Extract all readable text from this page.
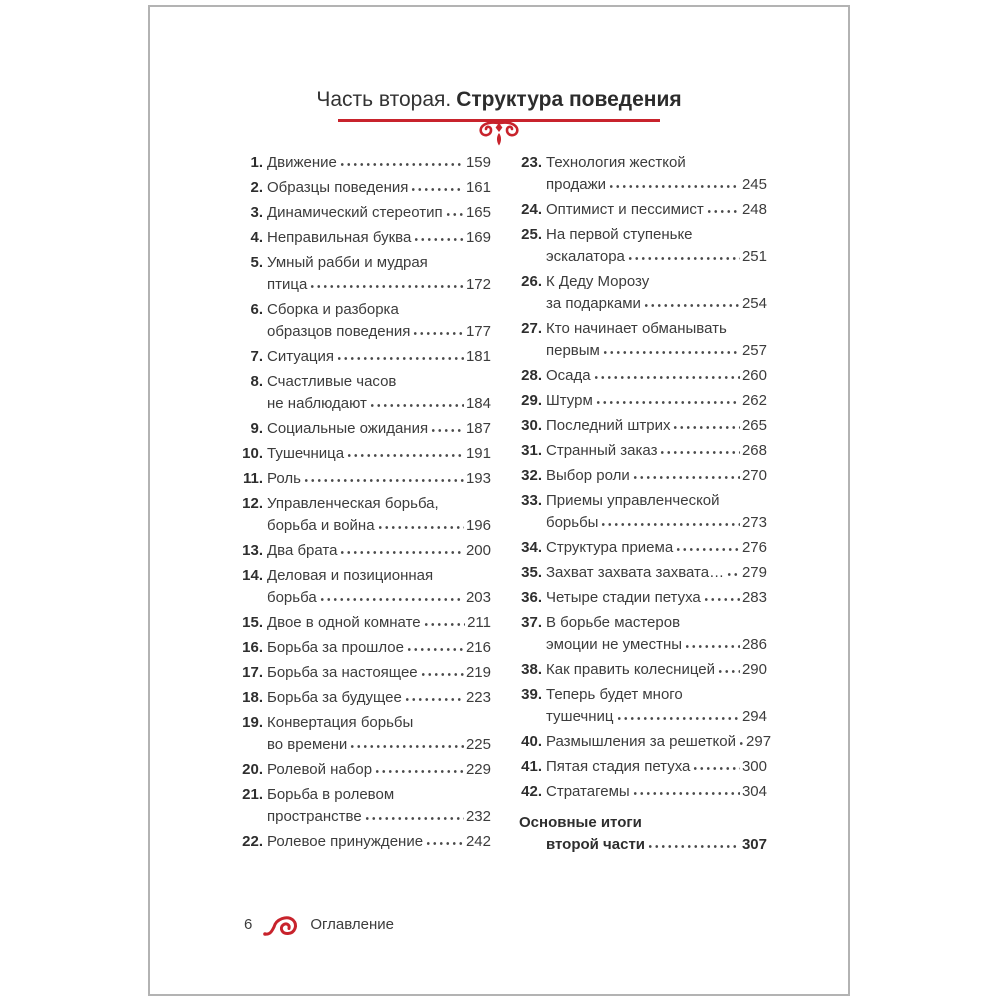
Часть вторая. Структура поведения
1. Движение	159
2. Образцы поведения	161
3. Динамический стереотип 165
4. Неправильная буква	169
5. Умный рабби и мудрая
птица	172
6. Сборка и разборка
образцов поведения	177
7. Ситуация	181
8. Счастливые часов
не наблюдают	184
9. Социальные ожидания	187
10. Тушечница	191
11. Роль	193
12. Управленческая борьба,
борьба и война	196
13. Два брата	200
14. Деловая и позиционная
борьба	203
15. Двое в одной комнате	211
16. Борьба за прошлое	216
17. Борьба за настоящее	219
18. Борьба за будущее	223
19. Конвертация борьбы
во времени	225
20. Ролевой набор	229
21. Борьба в ролевом
пространстве	232
22. Ролевое принуждение	242
23. Технология жесткой
продажи	245
24. Оптимист и пессимист	248
25. На первой ступеньке
эскалатора	251
26. К Деду Морозу
за подарками	254
27. Кто начинает обманывать
первым	257
28. Осада	260
29. Штурм	262
30. Последний штрих	265
31. Странный заказ	268
32. Выбор роли	270
33. Приемы управленческой
борьбы	273
34. Структура приема	276
35. Захват захвата захвата… 279
36. Четыре стадии петуха	283
37. В борьбе мастеров
эмоции не уместны	286
38. Как править колесницей 290
39. Теперь будет много
тушечниц	294
40. Размышления за решеткой 297
41. Пятая стадия петуха	300
42. Стратагемы	304
Основные итоги
второй части	307
6	Оглавление
